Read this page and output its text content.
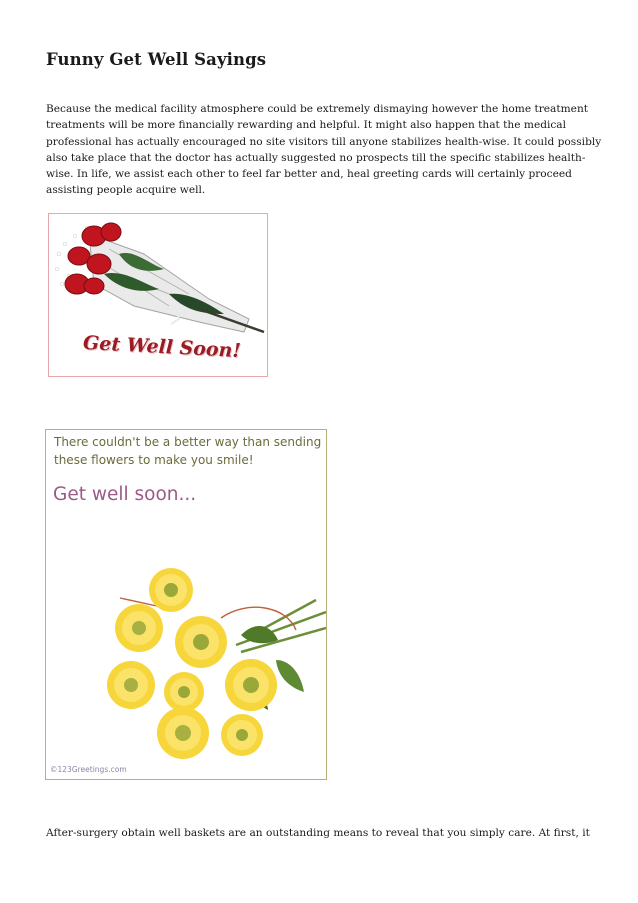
Funny Get Well Sayings

Because the medical facility atmosphere could be extremely dismaying however the home treatment treatments will be more financially rewarding and helpful. It might also happen that the medical professional has actually encouraged no site visitors till anyone stabilizes health-wise. It could possibly also take place that the doctor has actually suggested no prospects till the specific stabilizes health-wise. In life, we assist each other to feel far better and, heal greeting cards will certainly proceed assisting people acquire well.

Get Well Soon!
There couldn't be a better way than sending these flowers to make you smile!
Get well soon...
©123Greetings.com

After-surgery obtain well baskets are an outstanding means to reveal that you simply care. At first, it
